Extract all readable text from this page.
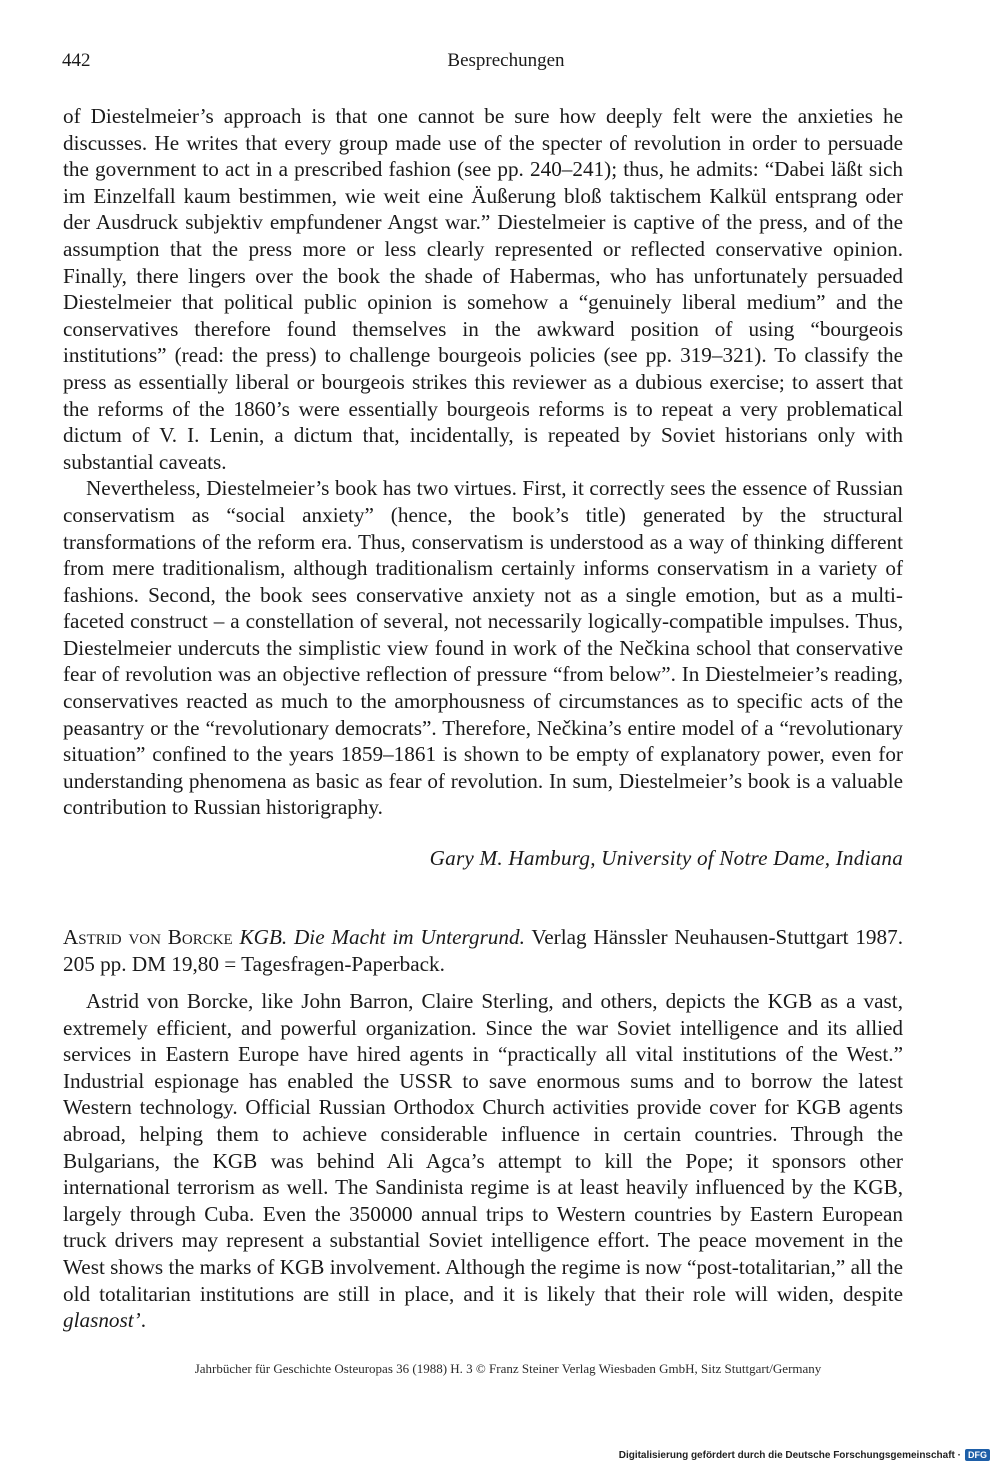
442	Besprechungen

of Diestelmeier’s approach is that one cannot be sure how deeply felt were the anxieties he discusses. He writes that every group made use of the specter of revolution in order to persuade the government to act in a prescribed fashion (see pp. 240–241); thus, he admits: “Dabei läßt sich im Einzelfall kaum bestimmen, wie weit eine Äußerung bloß taktischem Kalkül entsprang oder der Ausdruck subjektiv empfundener Angst war.” Diestelmeier is captive of the press, and of the assumption that the press more or less clearly represented or reflected conservative opinion. Finally, there lingers over the book the shade of Habermas, who has unfortunately persuaded Diestelmeier that political public opinion is somehow a “genuinely liberal medium” and the conservatives therefore found themselves in the awkward position of using “bourgeois institutions” (read: the press) to challenge bourgeois policies (see pp. 319–321). To classify the press as essentially liberal or bourgeois strikes this reviewer as a dubious exercise; to assert that the reforms of the 1860’s were essentially bourgeois reforms is to repeat a very problematical dictum of V. I. Lenin, a dictum that, incidentally, is repeated by Soviet historians only with substantial caveats.

Nevertheless, Diestelmeier’s book has two virtues. First, it correctly sees the essence of Russian conservatism as “social anxiety” (hence, the book’s title) generated by the structural transformations of the reform era. Thus, conservatism is understood as a way of thinking different from mere traditionalism, although traditionalism certainly informs conservatism in a variety of fashions. Second, the book sees conservative anxiety not as a single emotion, but as a multi-faceted construct – a constellation of several, not necessarily logically-compatible impulses. Thus, Diestelmeier undercuts the simplistic view found in work of the Nečkina school that conservative fear of revolution was an objective reflection of pressure “from below”. In Diestelmeier’s reading, conservatives reacted as much to the amorphousness of circumstances as to specific acts of the peasantry or the “revolutionary democrats”. Therefore, Nečkina’s entire model of a “revolutionary situation” confined to the years 1859–1861 is shown to be empty of explanatory power, even for understanding phenomena as basic as fear of revolution. In sum, Diestelmeier’s book is a valuable contribution to Russian historigraphy.

Gary M. Hamburg, University of Notre Dame, Indiana
Astrid von Borcke KGB. Die Macht im Untergrund. Verlag Hänssler Neuhausen-Stuttgart 1987. 205 pp. DM 19,80 = Tagesfragen-Paperback.

Astrid von Borcke, like John Barron, Claire Sterling, and others, depicts the KGB as a vast, extremely efficient, and powerful organization. Since the war Soviet intelligence and its allied services in Eastern Europe have hired agents in “practically all vital institutions of the West.” Industrial espionage has enabled the USSR to save enormous sums and to borrow the latest Western technology. Official Russian Orthodox Church activities provide cover for KGB agents abroad, helping them to achieve considerable influence in certain countries. Through the Bulgarians, the KGB was behind Ali Agca’s attempt to kill the Pope; it sponsors other international terrorism as well. The Sandinista regime is at least heavily influenced by the KGB, largely through Cuba. Even the 350000 annual trips to Western countries by Eastern European truck drivers may represent a substantial Soviet intelligence effort. The peace movement in the West shows the marks of KGB involvement. Although the regime is now “post-totalitarian,” all the old totalitarian institutions are still in place, and it is likely that their role will widen, despite glasnost’.

Jahrbücher für Geschichte Osteuropas 36 (1988) H. 3 © Franz Steiner Verlag Wiesbaden GmbH, Sitz Stuttgart/Germany
Digitalisierung gefördert durch die Deutsche Forschungsgemeinschaft · DFG
